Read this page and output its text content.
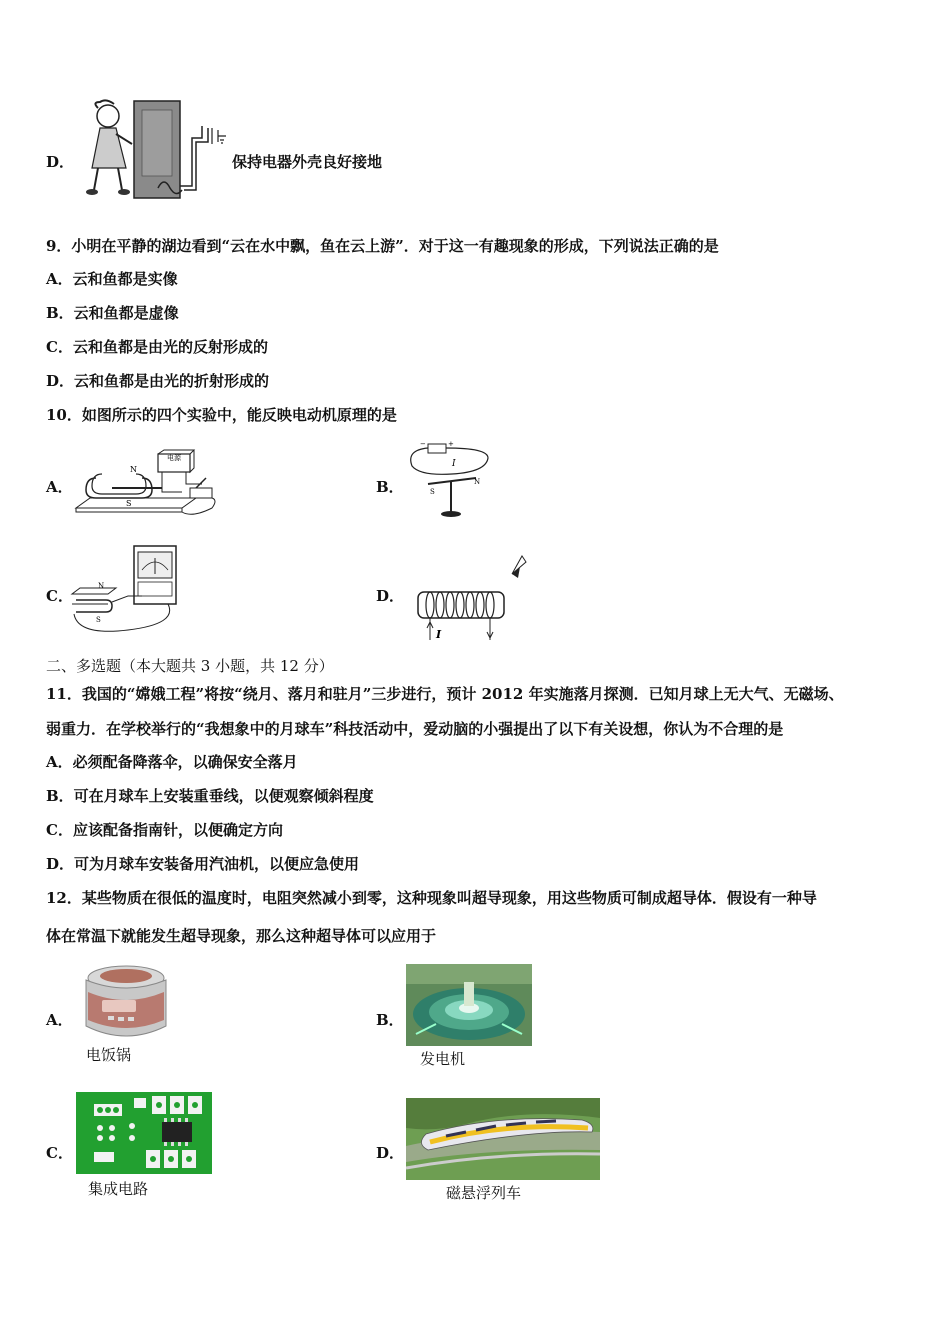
D．	保持电器外壳良好接地
9．小明在平静的湖边看到“云在水中飘，鱼在云上游”．对于这一有趣现象的形成，下列说法正确的是
A．云和鱼都是实像
B．云和鱼都是虚像
C．云和鱼都是由光的反射形成的
D．云和鱼都是由光的折射形成的
10．如图所示的四个实验中，能反映电动机原理的是
A．
N
S
电源
B．
−	+
I
S
N
C．
N
S
D．
I
二、多选题（本大题共 3 小题，共 12 分）
11．我国的“嫦娥工程”将按“绕月、落月和驻月”三步进行，预计 2012 年实施落月探测．已知月球上无大气、无磁场、
弱重力．在学校举行的“我想象中的月球车”科技活动中，爱动脑的小强提出了以下有关设想，你认为不合理的是
A．必须配备降落伞，以确保安全落月
B．可在月球车上安装重垂线，以便观察倾斜程度
C．应该配备指南针，以便确定方向
D．可为月球车安装备用汽油机，以便应急使用
12．某些物质在很低的温度时，电阻突然减小到零，这种现象叫超导现象，用这些物质可制成超导体．假设有一种导
体在常温下就能发生超导现象，那么这种超导体可以应用于
A．
电饭锅
B．
发电机
C．
集成电路
D．
磁悬浮列车
